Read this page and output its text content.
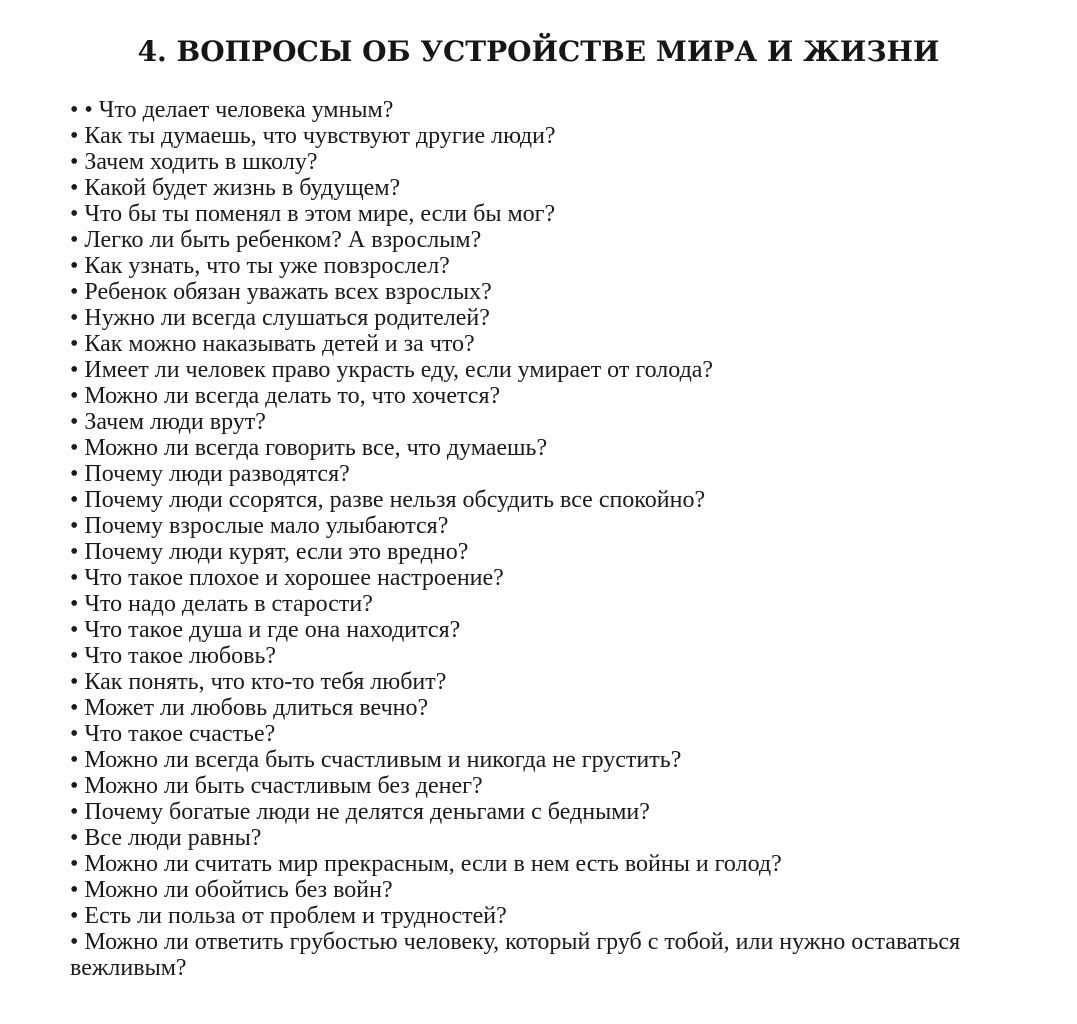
4. ВОПРОСЫ ОБ УСТРОЙСТВЕ МИРА И ЖИЗНИ
• • Что делает человека умным?
• Как ты думаешь, что чувствуют другие люди?
• Зачем ходить в школу?
• Какой будет жизнь в будущем?
• Что бы ты поменял в этом мире, если бы мог?
• Легко ли быть ребенком? А взрослым?
• Как узнать, что ты уже повзрослел?
• Ребенок обязан уважать всех взрослых?
• Нужно ли всегда слушаться родителей?
• Как можно наказывать детей и за что?
• Имеет ли человек право украсть еду, если умирает от голода?
• Можно ли всегда делать то, что хочется?
• Зачем люди врут?
• Можно ли всегда говорить все, что думаешь?
• Почему люди разводятся?
• Почему люди ссорятся, разве нельзя обсудить все спокойно?
• Почему взрослые мало улыбаются?
• Почему люди курят, если это вредно?
• Что такое плохое и хорошее настроение?
• Что надо делать в старости?
• Что такое душа и где она находится?
• Что такое любовь?
• Как понять, что кто-то тебя любит?
• Может ли любовь длиться вечно?
• Что такое счастье?
• Можно ли всегда быть счастливым и никогда не грустить?
• Можно ли быть счастливым без денег?
• Почему богатые люди не делятся деньгами с бедными?
• Все люди равны?
• Можно ли считать мир прекрасным, если в нем есть войны и голод?
• Можно ли обойтись без войн?
• Есть ли польза от проблем и трудностей?
• Можно ли ответить грубостью человеку, который груб с тобой, или нужно оставаться вежливым?
